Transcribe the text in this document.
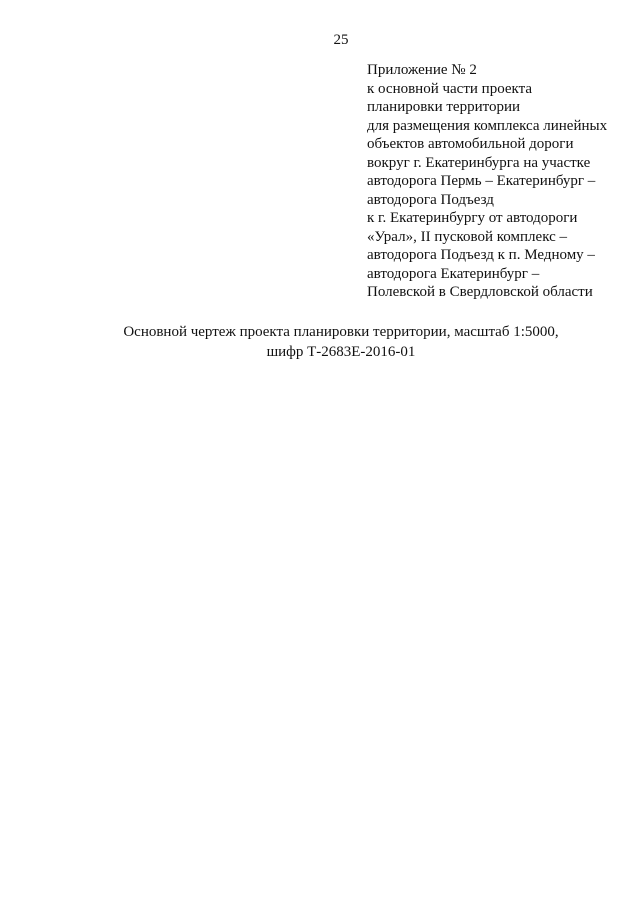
25
Приложение № 2
к основной части проекта
планировки территории
для размещения комплекса линейных
объектов автомобильной дороги
вокруг г. Екатеринбурга на участке
автодорога Пермь – Екатеринбург –
автодорога Подъезд
к г. Екатеринбургу от автодороги
«Урал», II пусковой комплекс –
автодорога Подъезд к п. Медному –
автодорога Екатеринбург –
Полевской в Свердловской области
Основной чертеж проекта планировки территории, масштаб 1:5000,
шифр Т-2683Е-2016-01
